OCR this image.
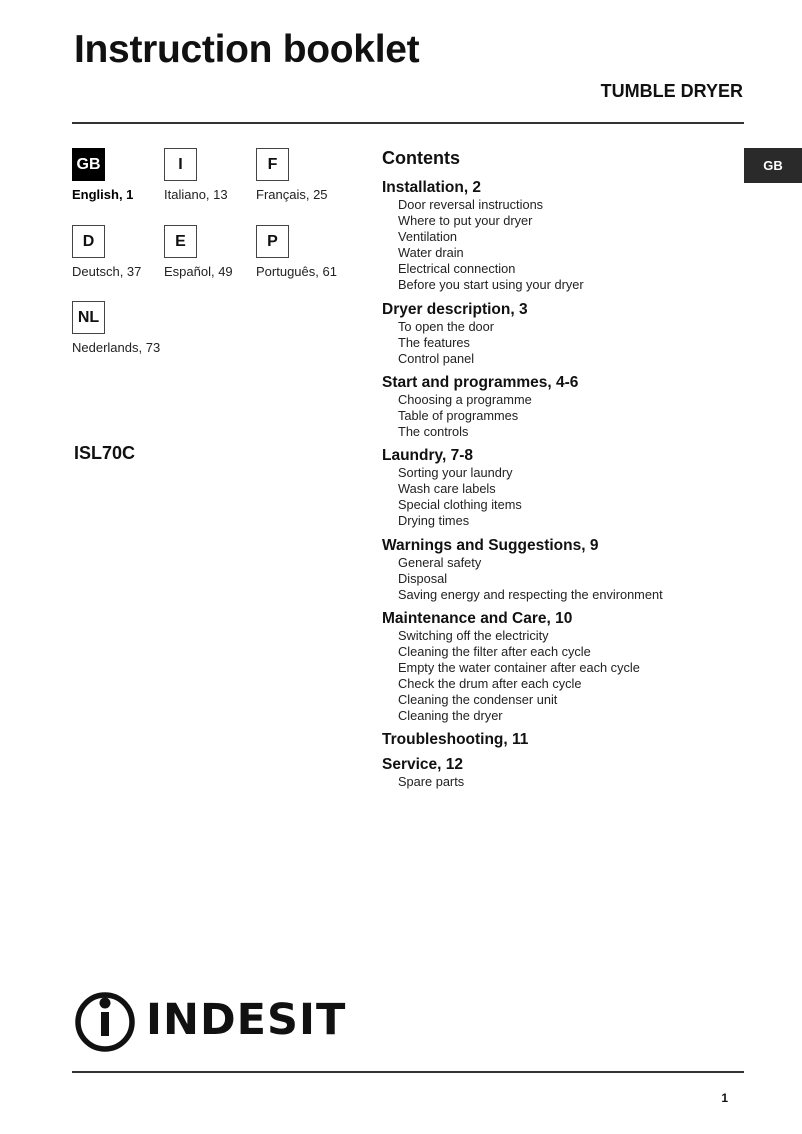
Instruction booklet
TUMBLE DRYER
GB
GB
English, 1
I
Italiano, 13
F
Français, 25
D
Deutsch, 37
E
Español, 49
P
Português, 61
NL
Nederlands, 73
ISL70C
Contents
Installation, 2
Door reversal instructions
Where to put your dryer
Ventilation
Water drain
Electrical connection
Before you start using your dryer
Dryer description, 3
To open the door
The features
Control panel
Start and programmes, 4-6
Choosing a programme
Table of programmes
The controls
Laundry, 7-8
Sorting your laundry
Wash care labels
Special clothing items
Drying times
Warnings and Suggestions, 9
General safety
Disposal
Saving energy and respecting the environment
Maintenance and Care, 10
Switching off the electricity
Cleaning the filter after each cycle
Empty the water container after each cycle
Check the drum after each cycle
Cleaning the condenser unit
Cleaning the dryer
Troubleshooting, 11
Service, 12
Spare parts
INDESIT
1
